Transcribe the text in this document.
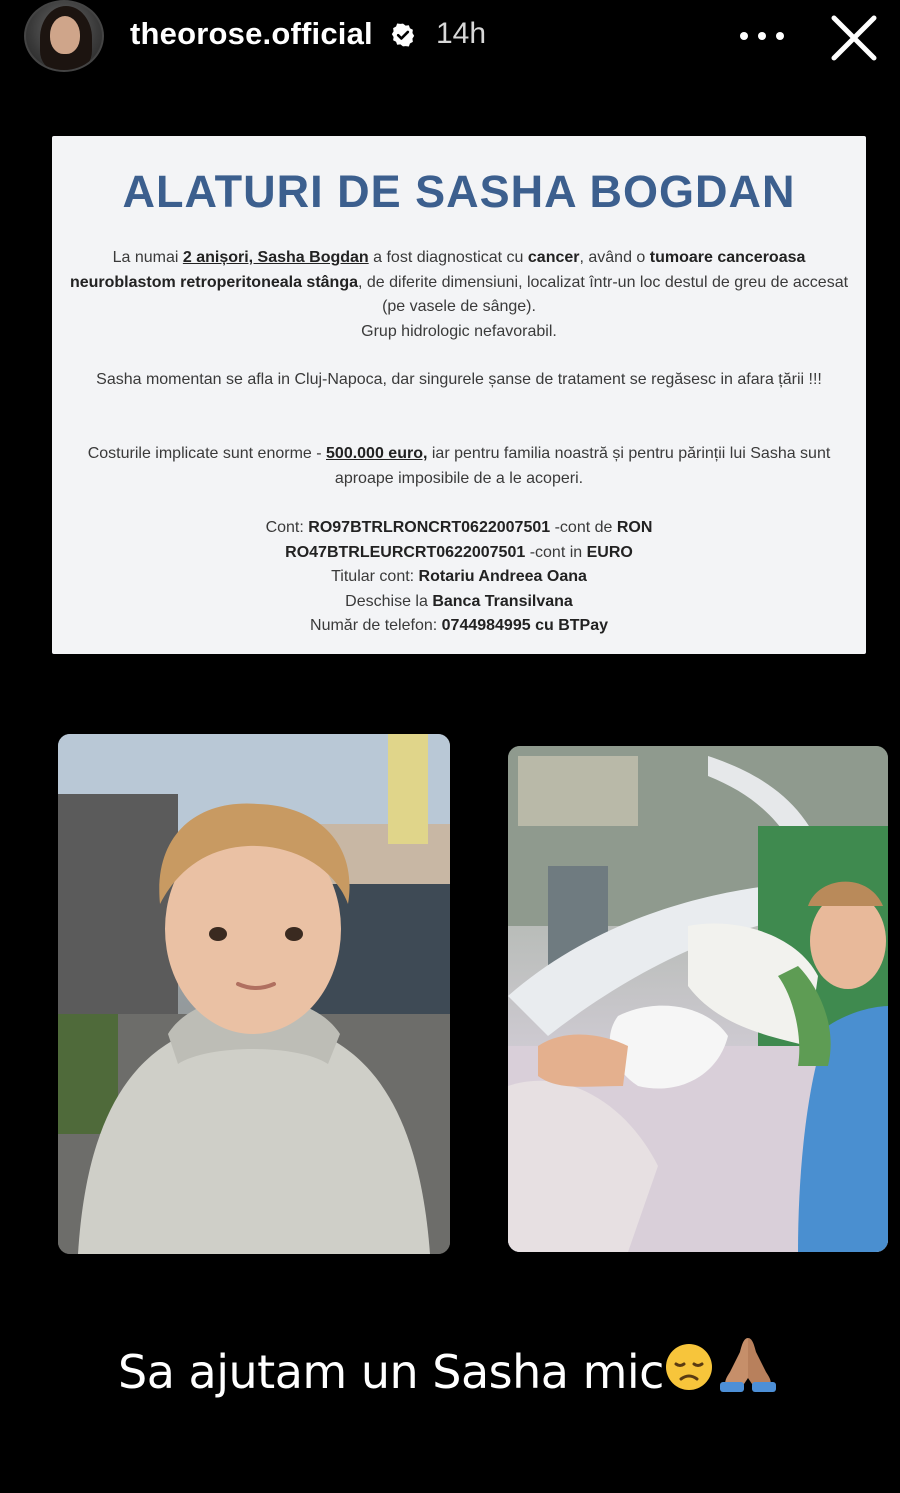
theorose.official 14h
ALATURI DE SASHA BOGDAN

La numai 2 anișori, Sasha Bogdan a fost diagnosticat cu cancer, având o tumoare canceroasa neuroblastom retroperitoneala stânga, de diferite dimensiuni, localizat într-un loc destul de greu de accesat (pe vasele de sânge).
Grup hidrologic nefavorabil.

Sasha momentan se afla in Cluj-Napoca, dar singurele șanse de tratament se regăsesc in afara țării !!!

Costurile implicate sunt enorme - 500.000 euro, iar pentru familia noastră și pentru părinții lui Sasha sunt aproape imposibile de a le acoperi.

Cont: RO97BTRLRONCRT0622007501 -cont de RON
RO47BTRLEURCRT0622007501 -cont in EURO
Titular cont: Rotariu Andreea Oana
Deschise la Banca Transilvana
Număr de telefon: 0744984995 cu BTPay

Sa ajutam un Sasha mic
